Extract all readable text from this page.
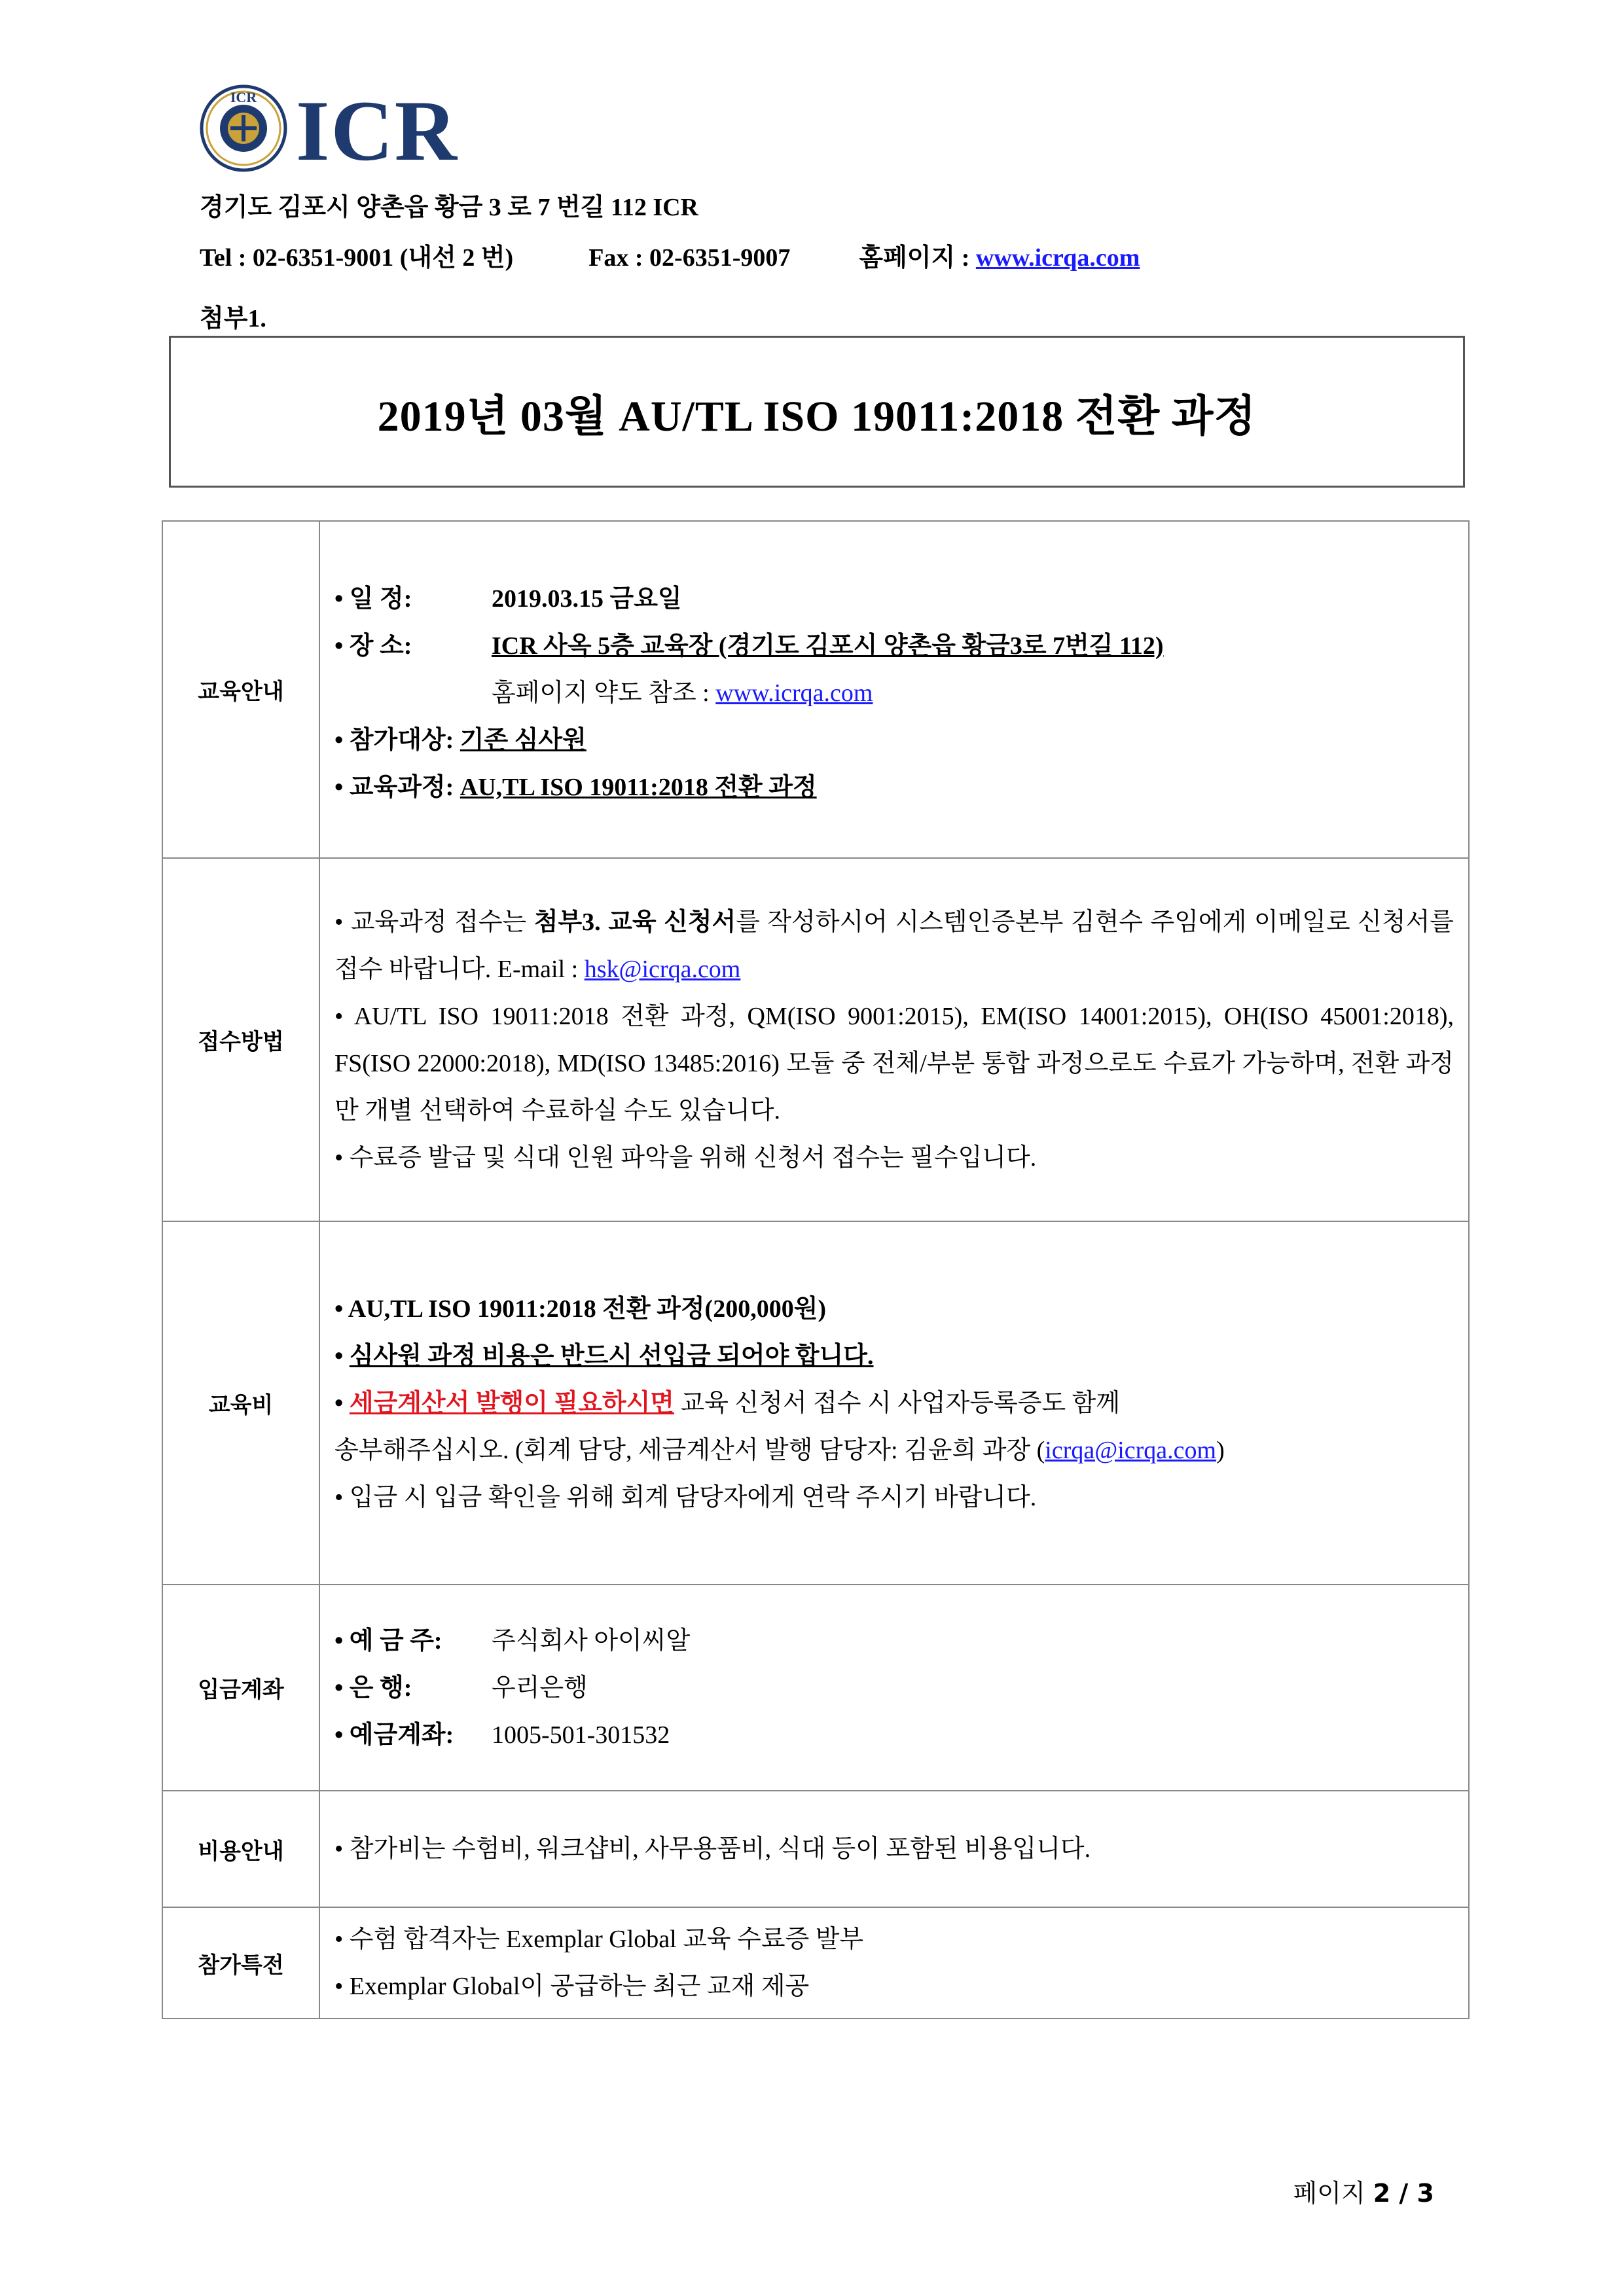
ICR ICR
경기도 김포시 양촌읍 황금 3 로 7 번길 112 ICR
Tel : 02-6351-9001 (내선 2 번)	Fax : 02-6351-9007	홈페이지 : www.icrqa.com
첨부1.
2019년 03월 AU/TL ISO 19011:2018 전환 과정
교육안내	• 일 정: 2019.03.15 금요일
• 장 소: ICR 사옥 5층 교육장 (경기도 김포시 양촌읍 황금3로 7번길 112)
홈페이지 약도 참조 : www.icrqa.com
• 참가대상: 기존 심사원
• 교육과정: AU,TL ISO 19011:2018 전환 과정

접수방법	• 교육과정 접수는 첨부3. 교육 신청서를 작성하시어 시스템인증본부 김현수 주임에게 이메일로 신청서를 접수 바랍니다. E-mail : hsk@icrqa.com
• AU/TL ISO 19011:2018 전환 과정, QM(ISO 9001:2015), EM(ISO 14001:2015), OH(ISO 45001:2018), FS(ISO 22000:2018), MD(ISO 13485:2016) 모듈 중 전체/부분 통합 과정으로도 수료가 가능하며, 전환 과정만 개별 선택하여 수료하실 수도 있습니다.
• 수료증 발급 및 식대 인원 파악을 위해 신청서 접수는 필수입니다.

교육비	• AU,TL ISO 19011:2018 전환 과정(200,000원)
• 심사원 과정 비용은 반드시 선입금 되어야 합니다.
• 세금계산서 발행이 필요하시면 교육 신청서 접수 시 사업자등록증도 함께
송부해주십시오. (회계 담당, 세금계산서 발행 담당자: 김윤희 과장 (icrqa@icrqa.com)
• 입금 시 입금 확인을 위해 회계 담당자에게 연락 주시기 바랍니다.

입금계좌	• 예 금 주: 주식회사 아이씨알
• 은 행: 우리은행
• 예금계좌: 1005-501-301532

비용안내	• 참가비는 수험비, 워크샵비, 사무용품비, 식대 등이 포함된 비용입니다.
참가특전	• 수험 합격자는 Exemplar Global 교육 수료증 발부
• Exemplar Global이 공급하는 최근 교재 제공
페이지 2 / 3
